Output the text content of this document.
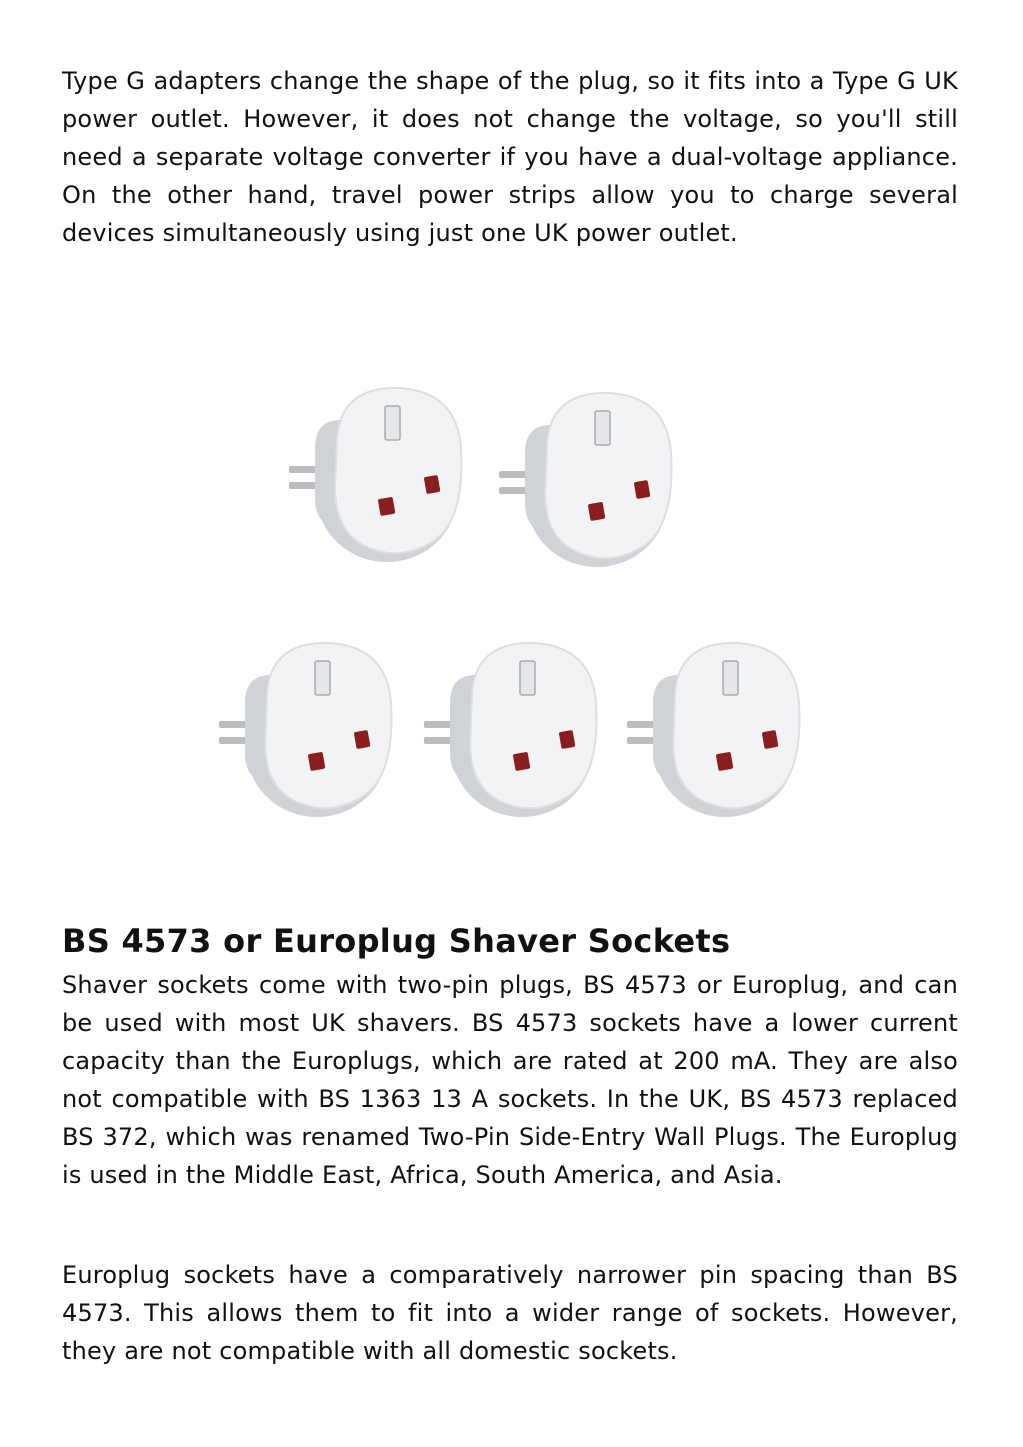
Type G adapters change the shape of the plug, so it fits into a Type G UK power outlet. However, it does not change the voltage, so you'll still need a separate voltage converter if you have a dual-voltage appliance. On the other hand, travel power strips allow you to charge several devices simultaneously using just one UK power outlet.

BS 4573 or Europlug Shaver Sockets

Shaver sockets come with two-pin plugs, BS 4573 or Europlug, and can be used with most UK shavers. BS 4573 sockets have a lower current capacity than the Europlugs, which are rated at 200 mA. They are also not compatible with BS 1363 13 A sockets. In the UK, BS 4573 replaced BS 372, which was renamed Two-Pin Side-Entry Wall Plugs. The Europlug is used in the Middle East, Africa, South America, and Asia.

Europlug sockets have a comparatively narrower pin spacing than BS 4573. This allows them to fit into a wider range of sockets. However, they are not compatible with all domestic sockets.
